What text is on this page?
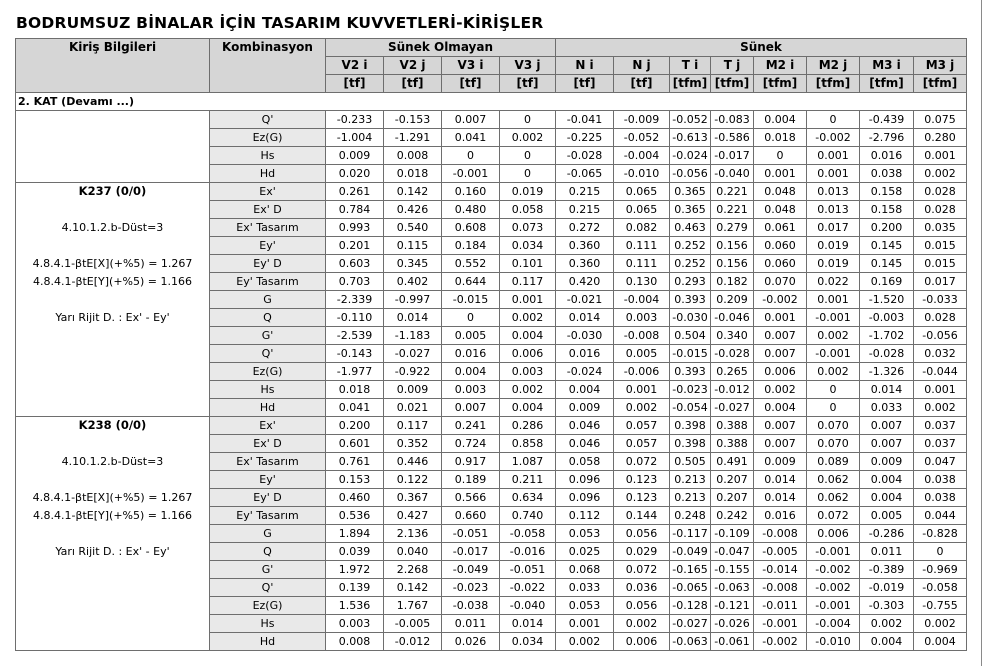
BODRUMSUZ BİNALAR İÇİN TASARIM KUVVETLERİ-KİRİŞLER
Kiriş Bilgileri	Kombinasyon	Sünek Olmayan				Sünek							
		V2 i	V2 j	V3 i	V3 j	N i	N j	T i	T j	M2 i	M2 j	M3 i	M3 j
		[tf]	[tf]	[tf]	[tf]	[tf]	[tf]	[tfm]	[tfm]	[tfm]	[tfm]	[tfm]	[tfm]
2. KAT (Devamı ...)													
	Q'	-0.233	-0.153	0.007	0	-0.041	-0.009	-0.052	-0.083	0.004	0	-0.439	0.075
	Ez(G)	-1.004	-1.291	0.041	0.002	-0.225	-0.052	-0.613	-0.586	0.018	-0.002	-2.796	0.280
	Hs	0.009	0.008	0	0	-0.028	-0.004	-0.024	-0.017	0	0.001	0.016	0.001
	Hd	0.020	0.018	-0.001	0	-0.065	-0.010	-0.056	-0.040	0.001	0.001	0.038	0.002
K237 (0/0)	Ex'	0.261	0.142	0.160	0.019	0.215	0.065	0.365	0.221	0.048	0.013	0.158	0.028
	Ex' D	0.784	0.426	0.480	0.058	0.215	0.065	0.365	0.221	0.048	0.013	0.158	0.028
4.10.1.2.b-Düst=3	Ex' Tasarım	0.993	0.540	0.608	0.073	0.272	0.082	0.463	0.279	0.061	0.017	0.200	0.035
	Ey'	0.201	0.115	0.184	0.034	0.360	0.111	0.252	0.156	0.060	0.019	0.145	0.015
4.8.4.1-βtE[X](+%5) = 1.267	Ey' D	0.603	0.345	0.552	0.101	0.360	0.111	0.252	0.156	0.060	0.019	0.145	0.015
4.8.4.1-βtE[Y](+%5) = 1.166	Ey' Tasarım	0.703	0.402	0.644	0.117	0.420	0.130	0.293	0.182	0.070	0.022	0.169	0.017
	G	-2.339	-0.997	-0.015	0.001	-0.021	-0.004	0.393	0.209	-0.002	0.001	-1.520	-0.033
Yarı Rijit D. : Ex' - Ey'	Q	-0.110	0.014	0	0.002	0.014	0.003	-0.030	-0.046	0.001	-0.001	-0.003	0.028
	G'	-2.539	-1.183	0.005	0.004	-0.030	-0.008	0.504	0.340	0.007	0.002	-1.702	-0.056
	Q'	-0.143	-0.027	0.016	0.006	0.016	0.005	-0.015	-0.028	0.007	-0.001	-0.028	0.032
	Ez(G)	-1.977	-0.922	0.004	0.003	-0.024	-0.006	0.393	0.265	0.006	0.002	-1.326	-0.044
	Hs	0.018	0.009	0.003	0.002	0.004	0.001	-0.023	-0.012	0.002	0	0.014	0.001
	Hd	0.041	0.021	0.007	0.004	0.009	0.002	-0.054	-0.027	0.004	0	0.033	0.002
K238 (0/0)	Ex'	0.200	0.117	0.241	0.286	0.046	0.057	0.398	0.388	0.007	0.070	0.007	0.037
	Ex' D	0.601	0.352	0.724	0.858	0.046	0.057	0.398	0.388	0.007	0.070	0.007	0.037
4.10.1.2.b-Düst=3	Ex' Tasarım	0.761	0.446	0.917	1.087	0.058	0.072	0.505	0.491	0.009	0.089	0.009	0.047
	Ey'	0.153	0.122	0.189	0.211	0.096	0.123	0.213	0.207	0.014	0.062	0.004	0.038
4.8.4.1-βtE[X](+%5) = 1.267	Ey' D	0.460	0.367	0.566	0.634	0.096	0.123	0.213	0.207	0.014	0.062	0.004	0.038
4.8.4.1-βtE[Y](+%5) = 1.166	Ey' Tasarım	0.536	0.427	0.660	0.740	0.112	0.144	0.248	0.242	0.016	0.072	0.005	0.044
	G	1.894	2.136	-0.051	-0.058	0.053	0.056	-0.117	-0.109	-0.008	0.006	-0.286	-0.828
Yarı Rijit D. : Ex' - Ey'	Q	0.039	0.040	-0.017	-0.016	0.025	0.029	-0.049	-0.047	-0.005	-0.001	0.011	0
	G'	1.972	2.268	-0.049	-0.051	0.068	0.072	-0.165	-0.155	-0.014	-0.002	-0.389	-0.969
	Q'	0.139	0.142	-0.023	-0.022	0.033	0.036	-0.065	-0.063	-0.008	-0.002	-0.019	-0.058
	Ez(G)	1.536	1.767	-0.038	-0.040	0.053	0.056	-0.128	-0.121	-0.011	-0.001	-0.303	-0.755
	Hs	0.003	-0.005	0.011	0.014	0.001	0.002	-0.027	-0.026	-0.001	-0.004	0.002	0.002
	Hd	0.008	-0.012	0.026	0.034	0.002	0.006	-0.063	-0.061	-0.002	-0.010	0.004	0.004
